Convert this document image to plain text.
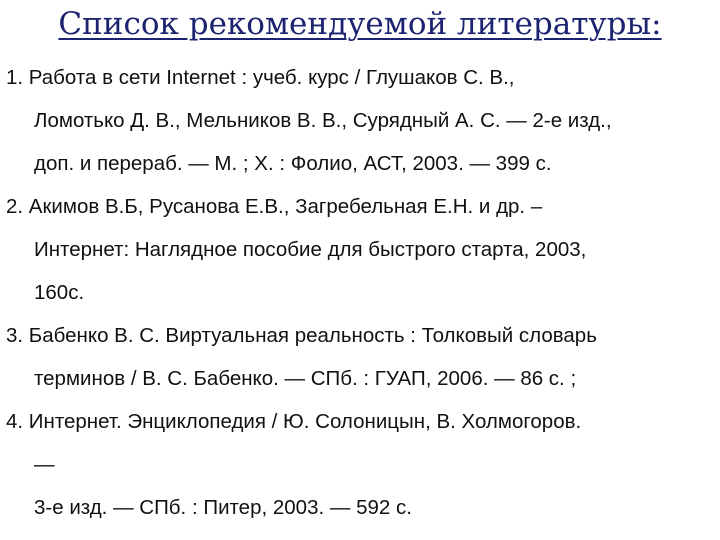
Список рекомендуемой литературы:
1. Работа в сети Internet : учеб. курс / Глушаков С. В.,
Ломотько Д. В., Мельников В. В., Сурядный А. С. — 2-е изд.,
доп. и перераб. — М. ; Х. : Фолио, АСТ, 2003. — 399 с.
2. Акимов В.Б, Русанова Е.В., Загребельная Е.Н. и др. –
Интернет: Наглядное пособие для быстрого старта, 2003,
160с.
3. Бабенко В. С. Виртуальная реальность : Толковый словарь
терминов / В. С. Бабенко. — СПб. : ГУАП, 2006. — 86 с. ;
4. Интернет. Энциклопедия / Ю. Солоницын, В. Холмогоров.
—
3-е изд. — СПб. : Питер, 2003. — 592 с.
